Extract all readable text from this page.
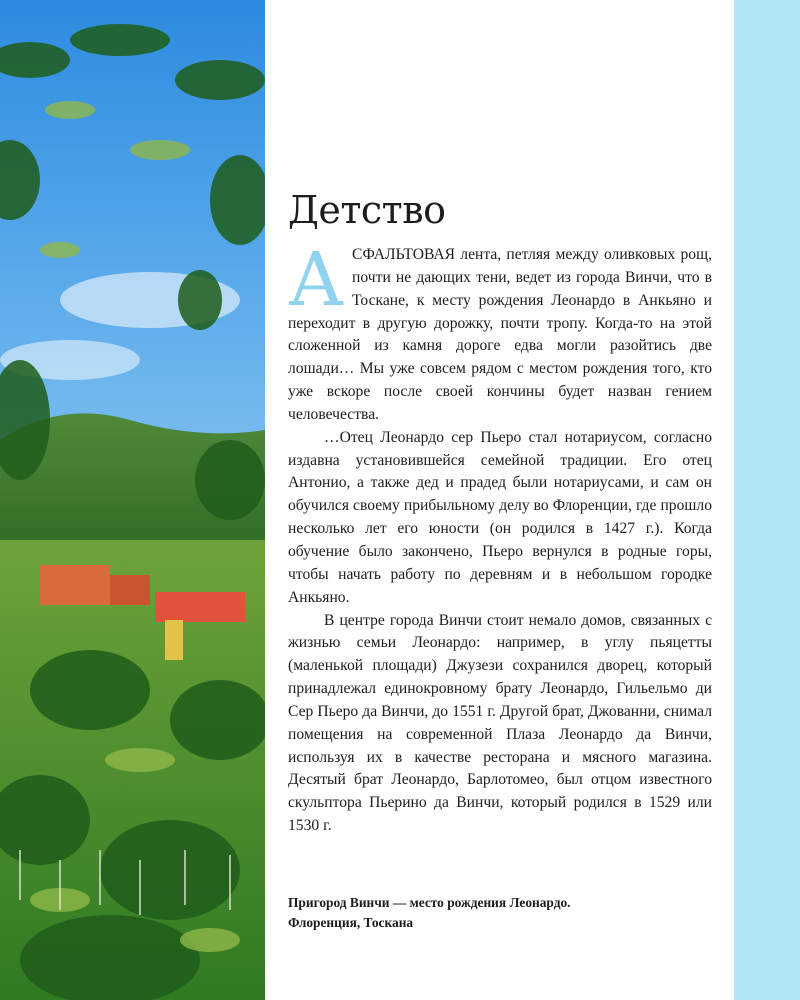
Детство

АСФАЛЬТОВАЯ лента, петляя между оливковых рощ, почти не дающих тени, ведет из города Винчи, что в Тоскане, к месту рождения Леонардо в Анкьяно и переходит в другую дорожку, почти тропу. Когда-то на этой сложенной из камня дороге едва могли разойтись две лошади… Мы уже совсем рядом с местом рождения того, кто уже вскоре после своей кончины будет назван гением человечества.

…Отец Леонардо сер Пьеро стал нотариусом, согласно издавна установившейся семейной традиции. Его отец Антонио, а также дед и прадед были нотариусами, и сам он обучился своему прибыльному делу во Флоренции, где прошло несколько лет его юности (он родился в 1427 г.). Когда обучение было закончено, Пьеро вернулся в родные горы, чтобы начать работу по деревням и в небольшом городке Анкьяно.

В центре города Винчи стоит немало домов, связанных с жизнью семьи Леонардо: например, в углу пьяцетты (маленькой площади) Джузези сохранился дворец, который принадлежал единокровному брату Леонардо, Гильельмо ди Сер Пьеро да Винчи, до 1551 г. Другой брат, Джованни, снимал помещения на современной Плаза Леонардо да Винчи, используя их в качестве ресторана и мясного магазина. Десятый брат Леонардо, Барлотомео, был отцом известного скульптора Пьерино да Винчи, который родился в 1529 или 1530 г.

Пригород Винчи — место рождения Леонардо.
Флоренция, Тоскана
